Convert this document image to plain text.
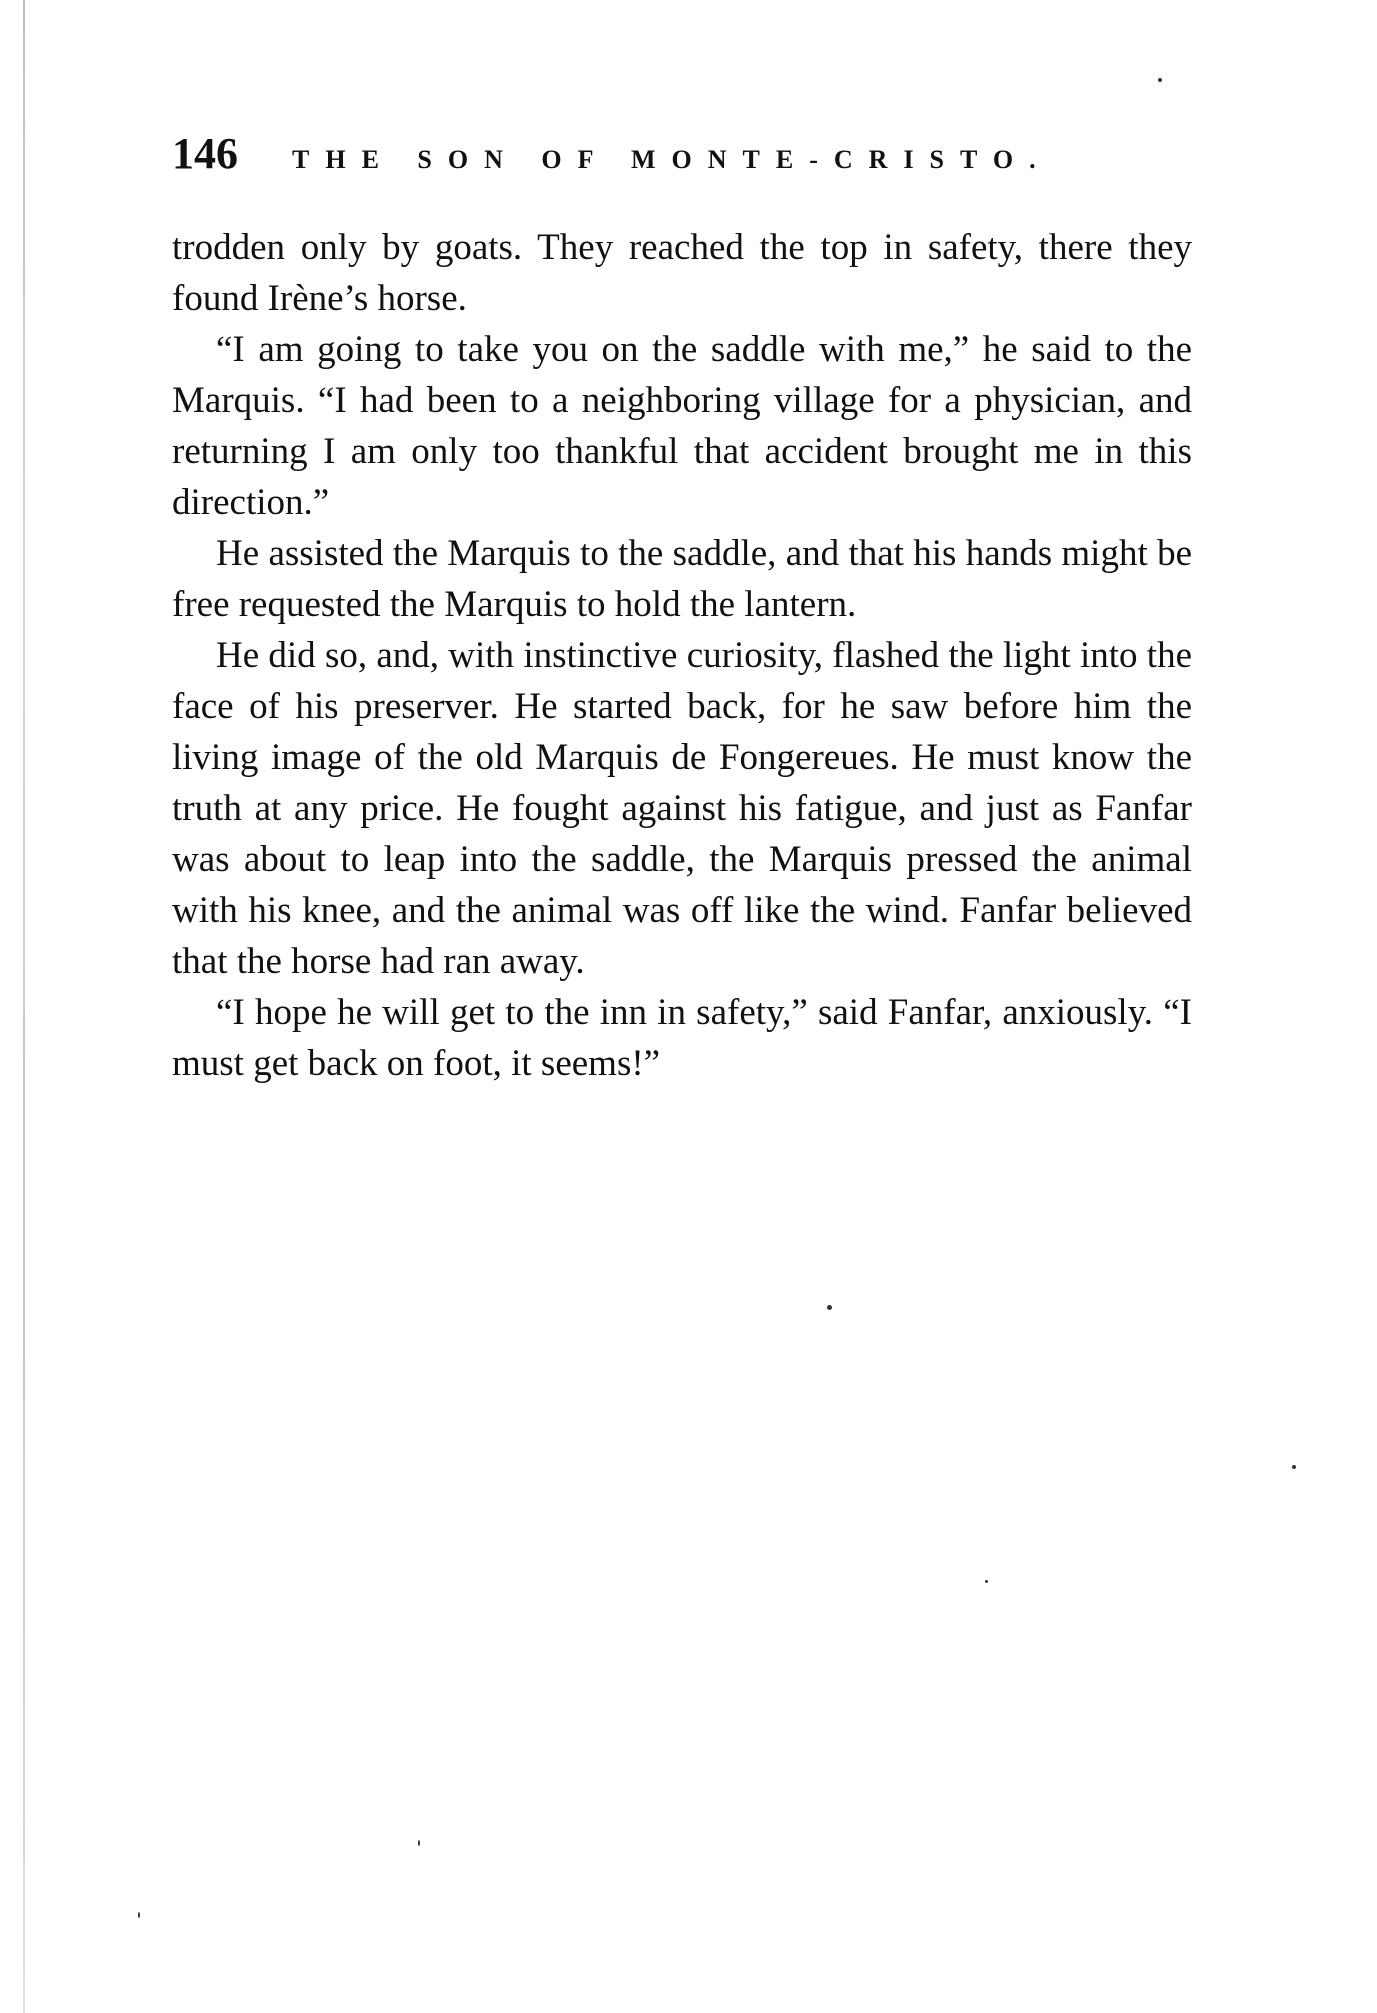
146 THE SON OF MONTE-CRISTO.

trodden only by goats. They reached the top in safety, there they found Irène’s horse.

“I am going to take you on the saddle with me,” he said to the Marquis. “I had been to a neighboring village for a physician, and returning I am only too thankful that accident brought me in this direction.”

He assisted the Marquis to the saddle, and that his hands might be free requested the Marquis to hold the lantern.

He did so, and, with instinctive curiosity, flashed the light into the face of his preserver. He started back, for he saw before him the living image of the old Marquis de Fongereues. He must know the truth at any price. He fought against his fatigue, and just as Fanfar was about to leap into the saddle, the Marquis pressed the animal with his knee, and the animal was off like the wind. Fanfar believed that the horse had ran away.

“I hope he will get to the inn in safety,” said Fanfar, anxiously. “I must get back on foot, it seems!”
